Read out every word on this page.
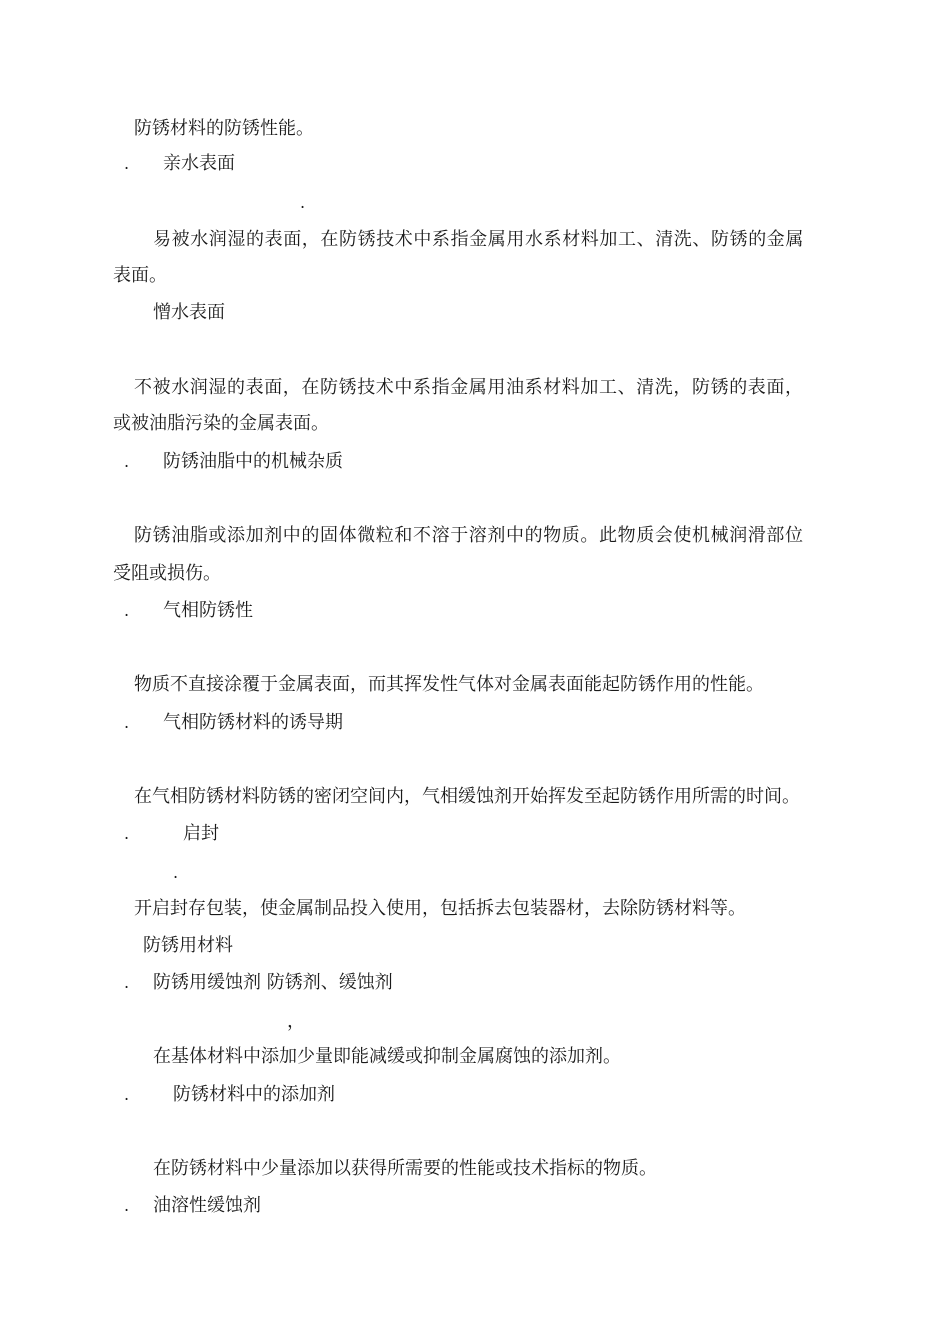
防锈材料的防锈性能。

. 亲水表面

.

易被水润湿的表面，在防锈技术中系指金属用水系材料加工、清洗、防锈的金属

表面。

憎水表面

不被水润湿的表面，在防锈技术中系指金属用油系材料加工、清洗，防锈的表面，

或被油脂污染的金属表面。

. 防锈油脂中的机械杂质

防锈油脂或添加剂中的固体微粒和不溶于溶剂中的物质。此物质会使机械润滑部位

受阻或损伤。

. 气相防锈性

物质不直接涂覆于金属表面，而其挥发性气体对金属表面能起防锈作用的性能。

. 气相防锈材料的诱导期

在气相防锈材料防锈的密闭空间内，气相缓蚀剂开始挥发至起防锈作用所需的时间。

.	启封

.

开启封存包装，使金属制品投入使用，包括拆去包装器材，去除防锈材料等。

防锈用材料

. 防锈用缓蚀剂 防锈剂、缓蚀剂

，

在基体材料中添加少量即能减缓或抑制金属腐蚀的添加剂。

. 防锈材料中的添加剂

在防锈材料中少量添加以获得所需要的性能或技术指标的物质。

. 油溶性缓蚀剂
